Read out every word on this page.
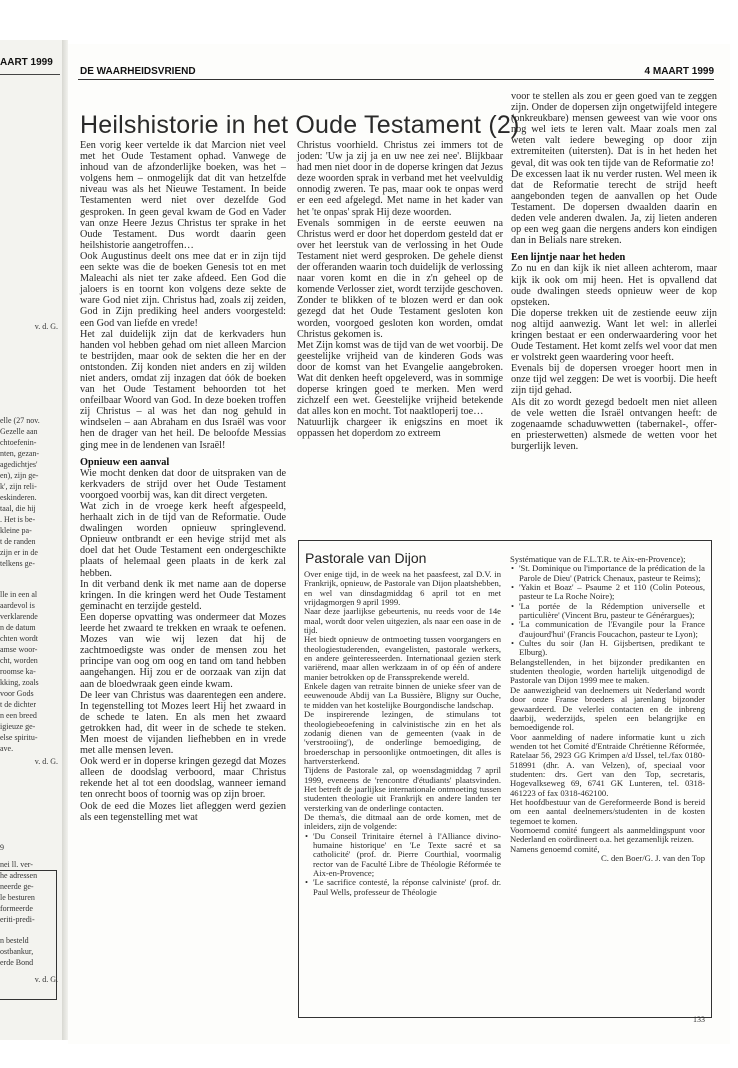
AART 1999
v. d. G.
elle (27 nov.
Gezelle aan
chtoefenin-
nten, gezan-
agedichtjes'
en), zijn ge-
k', zijn reli-
eskinderen.
taal, die hij
. Het is be-
kleine pa-
t de randen
zijn er in de
telkens ge-
lle in een al
aardevol is
verklarende
n de datum
chten wordt
amse woor-
cht, worden
roomse ka-
kking, zoals
voor Gods
t de dichter
n een breed
igieuze ge-
else spiritu-
ave.
v. d. G.
9
nei ll. ver-
he adressen
neerde ge-
le besturen
formeerde
eriti-predi-
n besteld
ostbankur,
erde Bond
v. d. G.
DE WAARHEIDSVRIEND	4 MAART 1999
Heilshistorie in het Oude Testament (2)

Een vorig keer vertelde ik dat Marcion niet veel met het Oude Testament ophad. Vanwege de inhoud van de afzonderlijke boeken, was het – volgens hem – onmogelijk dat dit van hetzelfde niveau was als het Nieuwe Testament. In beide Testamenten werd niet over dezelfde God gesproken. In geen geval kwam de God en Vader van onze Heere Jezus Christus ter sprake in het Oude Testament. Dus wordt daarin geen heilshistorie aangetroffen…

Ook Augustinus deelt ons mee dat er in zijn tijd een sekte was die de boeken Genesis tot en met Maleachi als niet ter zake afdeed. Een God die jaloers is en toornt kon volgens deze sekte de ware God niet zijn. Christus had, zoals zij zeiden, God in Zijn prediking heel anders voorgesteld: een God van liefde en vrede!

Het zal duidelijk zijn dat de kerkvaders hun handen vol hebben gehad om niet alleen Marcion te bestrijden, maar ook de sekten die her en der ontstonden. Zij konden niet anders en zij wilden niet anders, omdat zij inzagen dat óók de boeken van het Oude Testament behoorden tot het onfeilbaar Woord van God. In deze boeken troffen zij Christus – al was het dan nog gehuld in windselen – aan Abraham en dus Israël was voor hen de drager van het heil. De beloofde Messias ging mee in de lendenen van Israël!

Opnieuw een aanval

Wie mocht denken dat door de uitspraken van de kerkvaders de strijd over het Oude Testament voorgoed voorbij was, kan dit direct vergeten.

Wat zich in de vroege kerk heeft afgespeeld, herhaalt zich in de tijd van de Reformatie. Oude dwalingen worden opnieuw springlevend. Opnieuw ontbrandt er een hevige strijd met als doel dat het Oude Testament een ondergeschikte plaats of helemaal geen plaats in de kerk zal hebben.

In dit verband denk ik met name aan de doperse kringen. In die kringen werd het Oude Testament geminacht en terzijde gesteld.

Een doperse opvatting was ondermeer dat Mozes leerde het zwaard te trekken en wraak te oefenen. Mozes van wie wij lezen dat hij de zachtmoedigste was onder de mensen zou het principe van oog om oog en tand om tand hebben aangehangen. Hij zou er de oorzaak van zijn dat aan de bloedwraak geen einde kwam.

De leer van Christus was daarentegen een andere. In tegenstelling tot Mozes leert Hij het zwaard in de schede te laten. En als men het zwaard getrokken had, dit weer in de schede te steken. Men moest de vijanden liefhebben en in vrede met alle mensen leven.

Ook werd er in doperse kringen gezegd dat Mozes alleen de doodslag verboord, maar Christus rekende het al tot een doodslag, wanneer iemand ten onrecht boos of toornig was op zijn broer.

Ook de eed die Mozes liet afleggen werd gezien als een tegenstelling met wat

Christus voorhield. Christus zei immers tot de joden: 'Uw ja zij ja en uw nee zei nee'. Blijkbaar had men niet door in de doperse kringen dat Jezus deze woorden sprak in verband met het veelvuldig onnodig zweren. Te pas, maar ook te onpas werd er een eed afgelegd. Met name in het kader van het 'te onpas' sprak Hij deze woorden.

Evenals sommigen in de eerste eeuwen na Christus werd er door het doperdom gesteld dat er over het leerstuk van de verlossing in het Oude Testament niet werd gesproken. De gehele dienst der offeranden waarin toch duidelijk de verlossing naar voren komt en die in z'n geheel op de komende Verlosser ziet, wordt terzijde geschoven. Zonder te blikken of te blozen werd er dan ook gezegd dat het Oude Testament gesloten kon worden, voorgoed gesloten kon worden, omdat Christus gekomen is.

Met Zijn komst was de tijd van de wet voorbij. De geestelijke vrijheid van de kinderen Gods was door de komst van het Evangelie aangebroken. Wat dit denken heeft opgeleverd, was in sommige doperse kringen goed te merken. Men werd zichzelf een wet. Geestelijke vrijheid betekende dat alles kon en mocht. Tot naaktloperij toe…

Natuurlijk chargeer ik enigszins en moet ik oppassen het doperdom zo extreem

voor te stellen als zou er geen goed van te zeggen zijn. Onder de dopersen zijn ongetwijfeld integere (onkreukbare) mensen geweest van wie voor ons nog wel iets te leren valt. Maar zoals men zal weten valt iedere beweging op door zijn extremiteiten (uitersten). Dat is in het heden het geval, dit was ook ten tijde van de Reformatie zo!

De excessen laat ik nu verder rusten. Wel meen ik dat de Reformatie terecht de strijd heeft aangebonden tegen de aanvallen op het Oude Testament. De dopersen dwaalden daarin en deden vele anderen dwalen. Ja, zij lieten anderen op een weg gaan die nergens anders kon eindigen dan in Belials nare streken.

Een lijntje naar het heden

Zo nu en dan kijk ik niet alleen achterom, maar kijk ik ook om mij heen. Het is opvallend dat oude dwalingen steeds opnieuw weer de kop opsteken.

Die doperse trekken uit de zestiende eeuw zijn nog altijd aanwezig. Want let wel: in allerlei kringen bestaat er een onderwaardering voor het Oude Testament. Het komt zelfs wel voor dat men er volstrekt geen waardering voor heeft.

Evenals bij de dopersen vroeger hoort men in onze tijd wel zeggen: De wet is voorbij. Die heeft zijn tijd gehad.

Als dit zo wordt gezegd bedoelt men niet alleen de vele wetten die Israël ontvangen heeft: de zogenaamde schaduwwetten (tabernakel-, offer- en priesterwetten) alsmede de wetten voor het burgerlijk leven.

Pastorale van Dijon

Over enige tijd, in de week na het paasfeest, zal D.V. in Frankrijk, opnieuw, de Pastorale van Dijon plaatshebben, en wel van dinsdagmiddag 6 april tot en met vrijdagmorgen 9 april 1999.

Naar deze jaarlijkse gebeurtenis, nu reeds voor de 14e maal, wordt door velen uitgezien, als naar een oase in de tijd.

Het biedt opnieuw de ontmoeting tussen voorgangers en theologiestuderenden, evangelisten, pastorale werkers, en andere geïnteresseerden. Internationaal gezien sterk variërend, maar allen werkzaam in of op één of andere manier betrokken op de Franssprekende wereld.

Enkele dagen van retraite binnen de unieke sfeer van de eeuwenoude Abdij van La Bussière, Bligny sur Ouche, te midden van het kostelijke Bourgondische landschap.

De inspirerende lezingen, de stimulans tot theologiebeoefening in calvinistische zin en het als zodanig dienen van de gemeenten (vaak in de 'verstrooiing'), de onderlinge bemoediging, de broederschap in persoonlijke ontmoetingen, dit alles is hartversterkend.

Tijdens de Pastorale zal, op woensdagmiddag 7 april 1999, eveneens de 'rencontre d'étudiants' plaatsvinden. Het betreft de jaarlijkse internationale ontmoeting tussen studenten theologie uit Frankrijk en andere landen ter versterking van de onderlinge contacten.

De thema's, die ditmaal aan de orde komen, met de inleiders, zijn de volgende:

• 'Du Conseil Trinitaire éternel à l'Alliance divino-humaine historique' en 'Le Texte sacré et sa catholicité' (prof. dr. Pierre Courthial, voormalig rector van de Faculté Libre de Théologie Réformée te Aix-en-Provence;
• 'Le sacrifice contesté, la réponse calviniste' (prof. dr. Paul Wells, professeur de Théologie

Systématique van de F.L.T.R. te Aix-en-Provence);

• 'St. Dominique ou l'importance de la prédication de la Parole de Dieu' (Patrick Chenaux, pasteur te Reims);
• 'Yakin et Boaz' – Psaume 2 et 110 (Colin Poteous, pasteur te La Roche Noire);
• 'La portée de la Rédemption universelle et particulière' (Vincent Bru, pasteur te Générargues);
• 'La communication de l'Evangile pour la France d'aujourd'hui' (Francis Foucachon, pasteur te Lyon);
• Cultes du soir (Jan H. Gijsbertsen, predikant te Elburg).

Belangstellenden, in het bijzonder predikanten en studenten theologie, worden hartelijk uitgenodigd de Pastorale van Dijon 1999 mee te maken.

De aanwezigheid van deelnemers uit Nederland wordt door onze Franse broeders al jarenlang bijzonder gewaardeerd. De velerlei contacten en de inbreng daarbij, wederzijds, spelen een belangrijke en bemoedigende rol.

Voor aanmelding of nadere informatie kunt u zich wenden tot het Comité d'Entraide Chrétienne Réformée, Ratelaar 56, 2923 GG Krimpen a/d IJssel, tel./fax 0180-518991 (dhr. A. van Velzen), of, speciaal voor studenten: drs. Gert van den Top, secretaris, Hogevalkseweg 69, 6741 GK Lunteren, tel. 0318-461223 of fax 0318-462100.

Het hoofdbestuur van de Gereformeerde Bond is bereid om een aantal deelnemers/studenten in de kosten tegemoet te komen.

Voornoemd comité fungeert als aanmeldingspunt voor Nederland en coördineert o.a. het gezamenlijk reizen.

Namens genoemd comité,

C. den Boer/G. J. van den Top

133
